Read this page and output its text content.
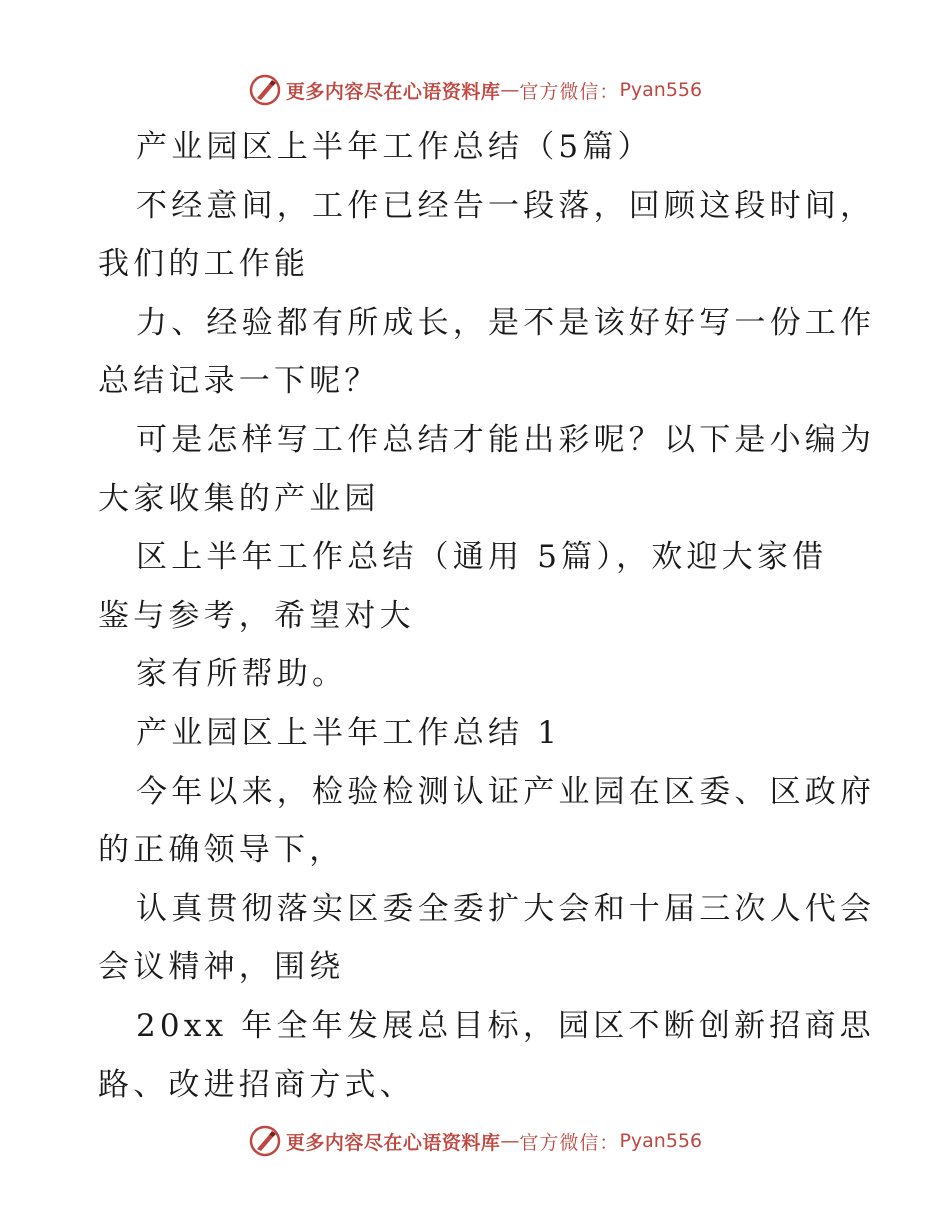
更多内容尽在心语资料库 — 官方微信： Pyan556
产业园区上半年工作总结（5篇）
不经意间，工作已经告一段落，回顾这段时间，
我们的工作能
力、经验都有所成长，是不是该好好写一份工作
总结记录一下呢？
可是怎样写工作总结才能出彩呢？以下是小编为
大家收集的产业园
区上半年工作总结（通用 5篇），欢迎大家借
鉴与参考，希望对大
家有所帮助。
产业园区上半年工作总结 1
今年以来，检验检测认证产业园在区委、区政府
的正确领导下，
认真贯彻落实区委全委扩大会和十届三次人代会
会议精神，围绕
20xx 年全年发展总目标，园区不断创新招商思
路、改进招商方式、
更多内容尽在心语资料库 — 官方微信： Pyan556
